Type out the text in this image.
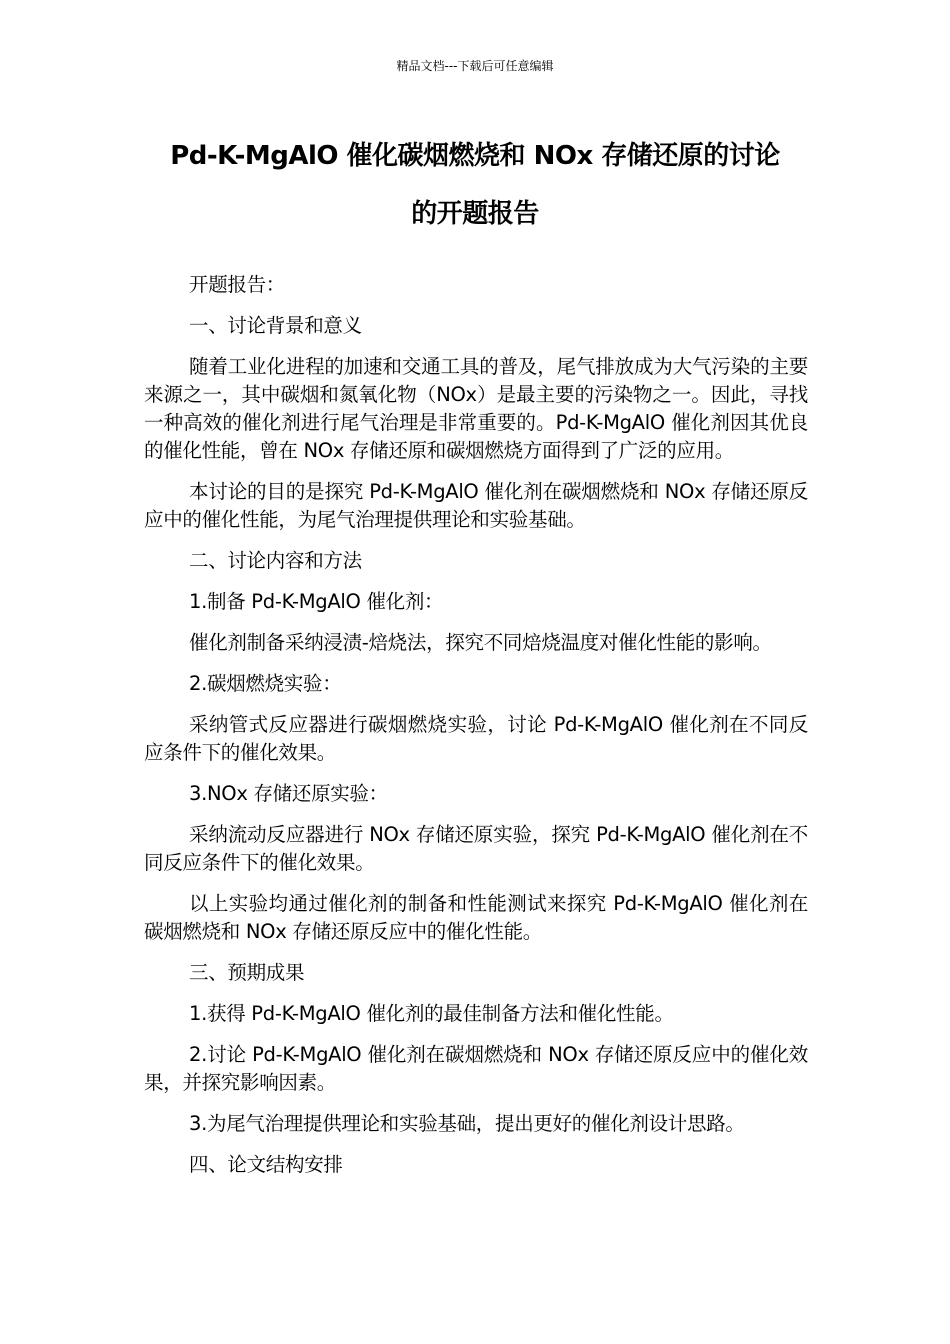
精品文档---下载后可任意编辑
Pd-K-MgAlO 催化碳烟燃烧和 NOx 存储还原的讨论
的开题报告

开题报告：

一、讨论背景和意义

随着工业化进程的加速和交通工具的普及，尾气排放成为大气污染的主要来源之一，其中碳烟和氮氧化物（NOx）是最主要的污染物之一。因此，寻找一种高效的催化剂进行尾气治理是非常重要的。Pd-K-MgAlO 催化剂因其优良的催化性能，曾在 NOx 存储还原和碳烟燃烧方面得到了广泛的应用。

本讨论的目的是探究 Pd-K-MgAlO 催化剂在碳烟燃烧和 NOx 存储还原反应中的催化性能，为尾气治理提供理论和实验基础。

二、讨论内容和方法

1.制备 Pd-K-MgAlO 催化剂：

催化剂制备采纳浸渍-焙烧法，探究不同焙烧温度对催化性能的影响。

2.碳烟燃烧实验：

采纳管式反应器进行碳烟燃烧实验，讨论 Pd-K-MgAlO 催化剂在不同反应条件下的催化效果。

3.NOx 存储还原实验：

采纳流动反应器进行 NOx 存储还原实验，探究 Pd-K-MgAlO 催化剂在不同反应条件下的催化效果。

以上实验均通过催化剂的制备和性能测试来探究 Pd-K-MgAlO 催化剂在碳烟燃烧和 NOx 存储还原反应中的催化性能。

三、预期成果

1.获得 Pd-K-MgAlO 催化剂的最佳制备方法和催化性能。

2.讨论 Pd-K-MgAlO 催化剂在碳烟燃烧和 NOx 存储还原反应中的催化效果，并探究影响因素。

3.为尾气治理提供理论和实验基础，提出更好的催化剂设计思路。

四、论文结构安排
